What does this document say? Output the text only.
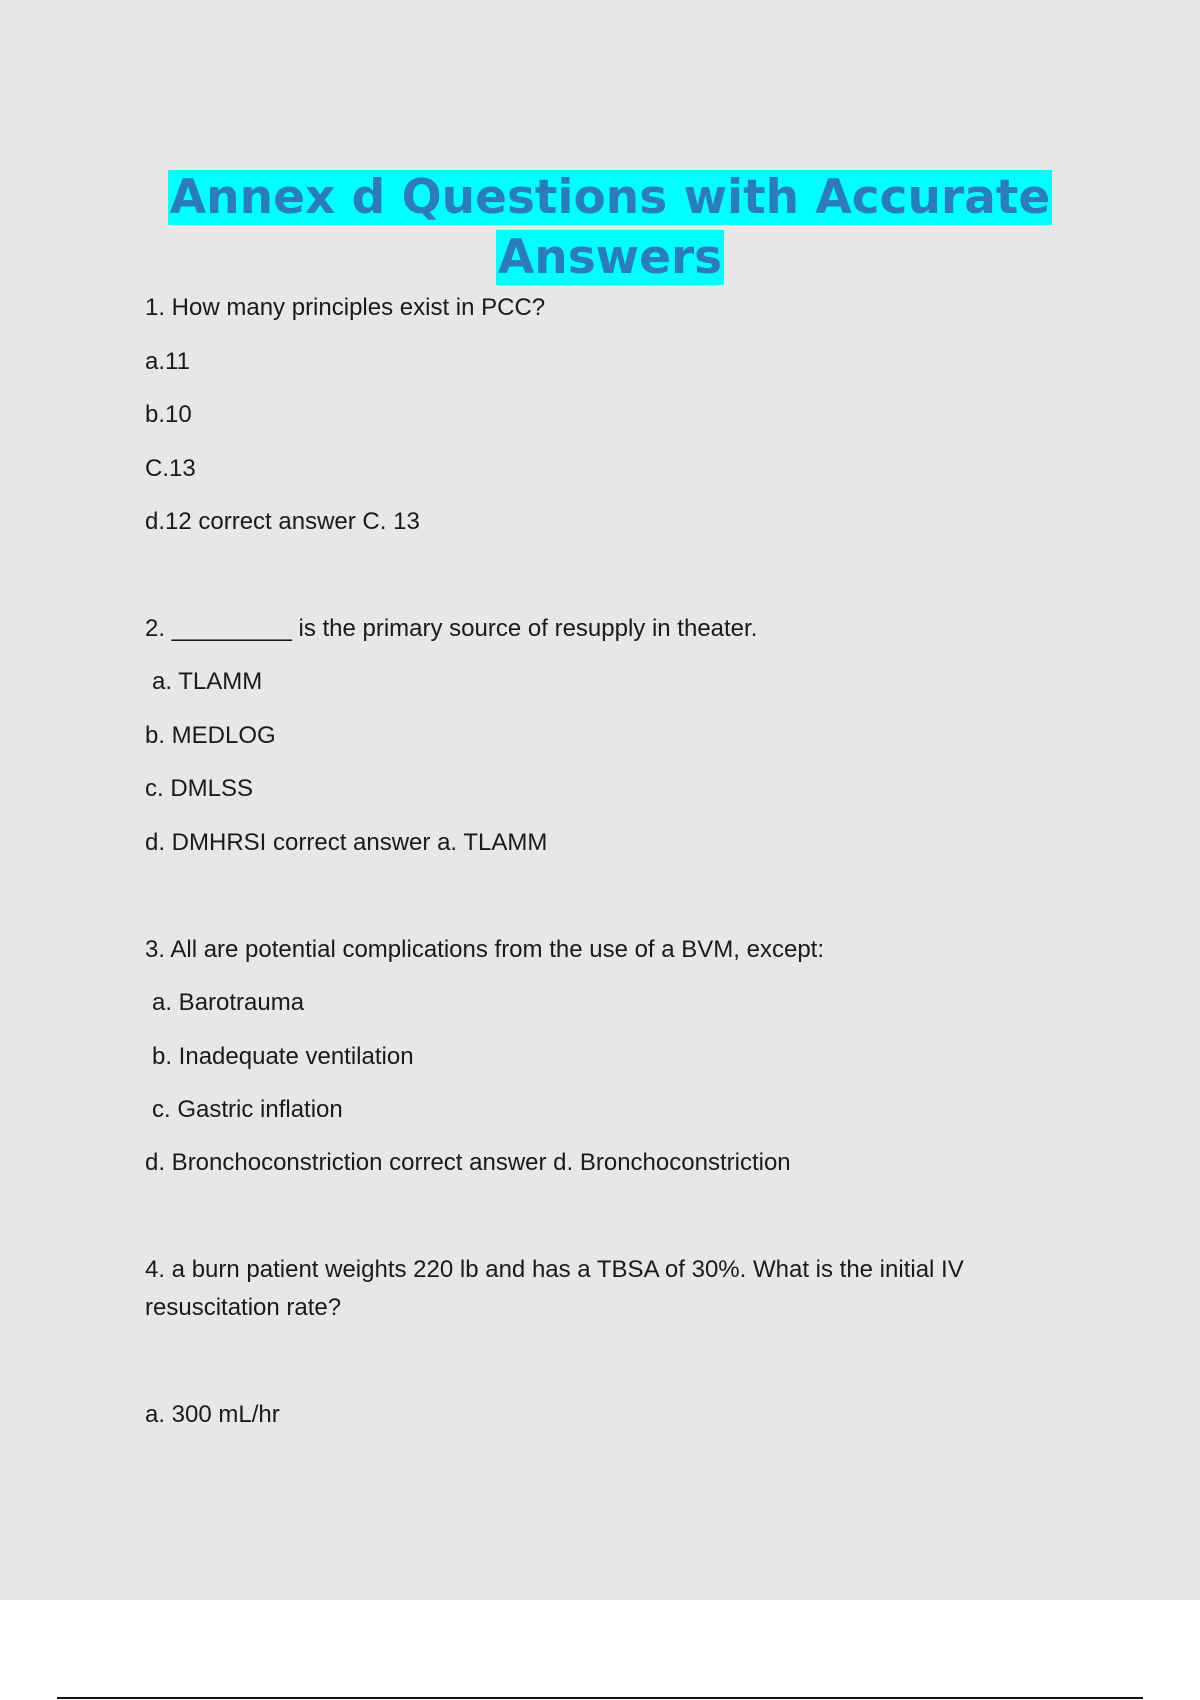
Annex d Questions with Accurate Answers
1. How many principles exist in PCC?
a.11
b.10
C.13
d.12 correct answer C. 13
2. _________ is the primary source of resupply in theater.
a. TLAMM
b. MEDLOG
c. DMLSS
d. DMHRSI correct answer a. TLAMM
3. All are potential complications from the use of a BVM, except:
a. Barotrauma
b. Inadequate ventilation
c. Gastric inflation
d. Bronchoconstriction correct answer d. Bronchoconstriction
4. a burn patient weights 220 lb and has a TBSA of 30%. What is the initial IV resuscitation rate?
a. 300 mL/hr
